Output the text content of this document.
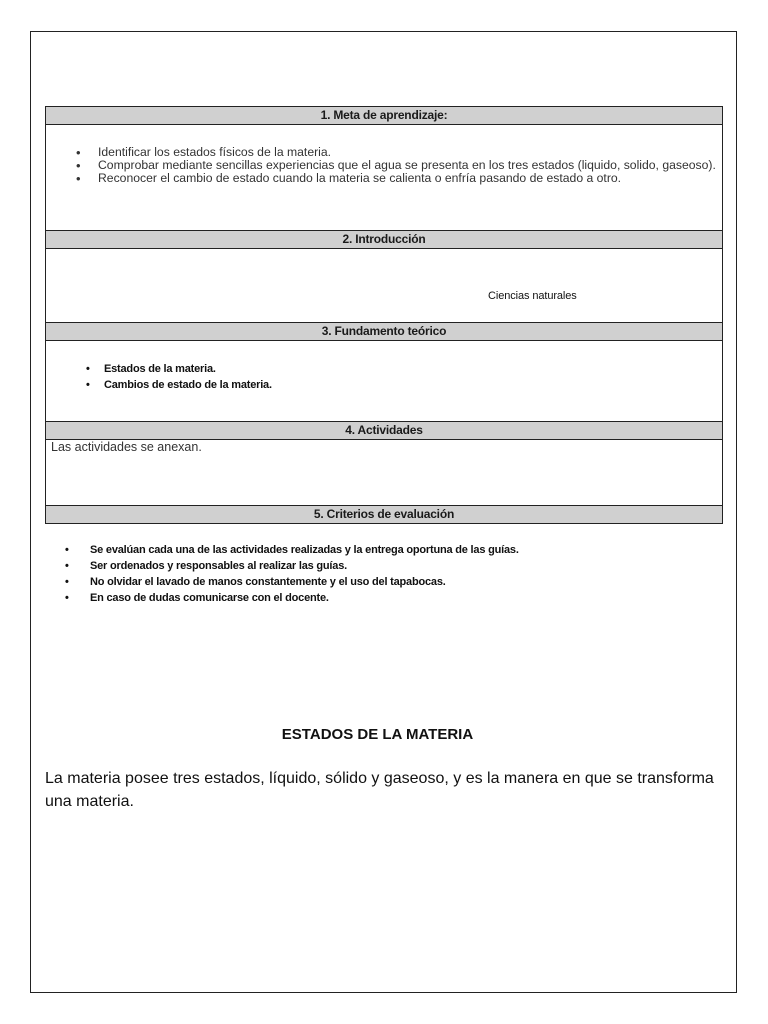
1. Meta de aprendizaje:
• Identificar los estados físicos de la materia.
• Comprobar mediante sencillas experiencias que el agua se presenta en los tres estados (liquido, solido, gaseoso).
• Reconocer el cambio de estado cuando la materia se calienta o enfría pasando de estado a otro.
2. Introducción
Ciencias naturales
3. Fundamento teórico
• Estados de la materia.
• Cambios de estado de la materia.
4. Actividades
Las actividades se anexan.
5. Criterios de evaluación
• Se evalúan cada una de las actividades realizadas y la entrega oportuna de las guías.
• Ser ordenados y responsables al realizar las guías.
• No olvidar el lavado de manos constantemente y el uso del tapabocas.
• En caso de dudas comunicarse con el docente.
ESTADOS DE LA MATERIA
La materia posee tres estados, líquido, sólido y gaseoso, y es la manera en que se transforma una materia.
